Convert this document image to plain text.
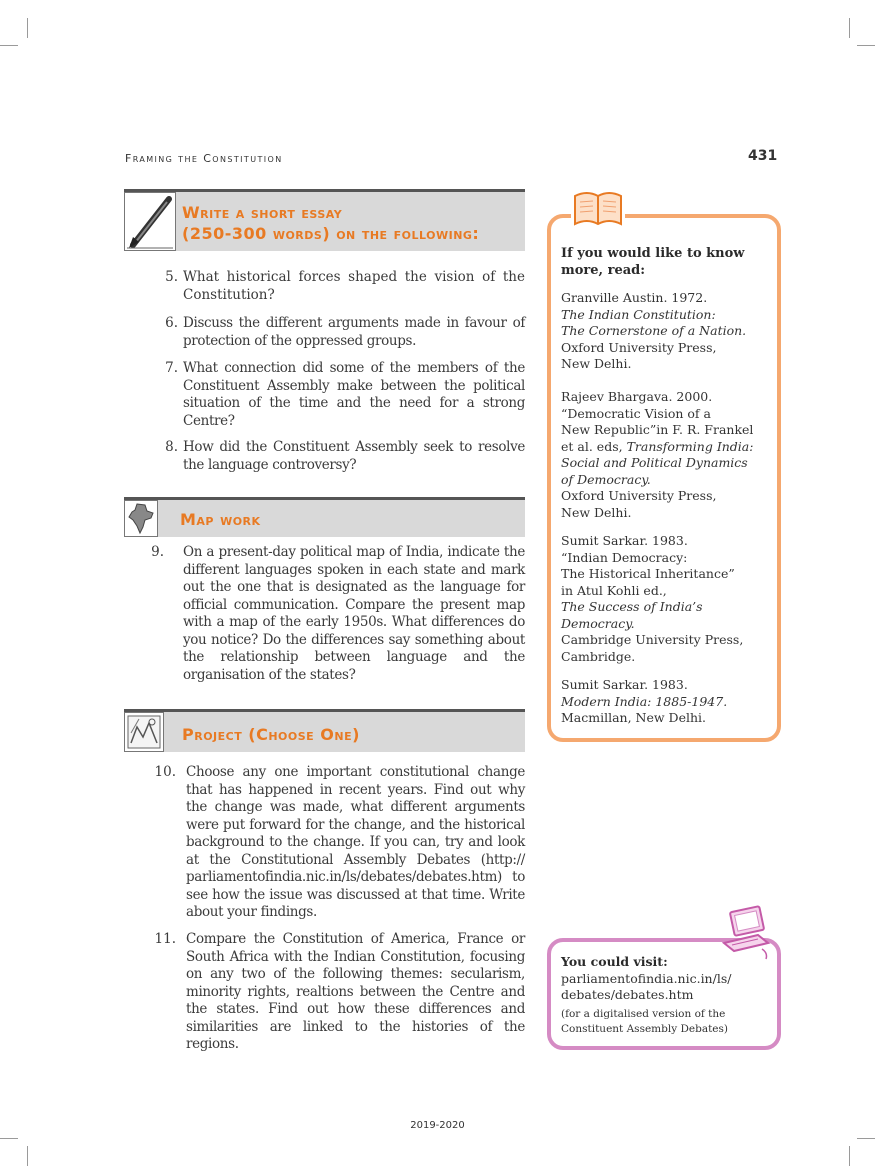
Framing the Constitution	431
Write a short essay
(250-300 words) on the following:
5. What historical forces shaped the vision of the Constitution?
6. Discuss the different arguments made in favour of protection of the oppressed groups.
7. What connection did some of the members of the Constituent Assembly make between the political situation of the time and the need for a strong Centre?
8. How did the Constituent Assembly seek to resolve the language controversy?
Map work
9. On a present-day political map of India, indicate the different languages spoken in each state and mark out the one that is designated as the language for official communication. Compare the present map with a map of the early 1950s. What differences do you notice? Do the differences say something about the relationship between language and the organisation of the states?
Project (Choose One)
10. Choose any one important constitutional change that has happened in recent years. Find out why the change was made, what different arguments were put forward for the change, and the historical background to the change. If you can, try and look at the Constitutional Assembly Debates (http:// parliamentofindia.nic.in/ls/debates/debates.htm) to see how the issue was discussed at that time. Write about your findings.
11. Compare the Constitution of America, France or South Africa with the Indian Constitution, focusing on any two of the following themes: secularism, minority rights, realtions between the Centre and the states. Find out how these differences and similarities are linked to the histories of the regions.
If you would like to know more, read:
Granville Austin. 1972.
The Indian Constitution:
The Cornerstone of a Nation.
Oxford University Press,
New Delhi.
Rajeev Bhargava. 2000.
“Democratic Vision of a
New Republic”in F. R. Frankel
et al. eds, Transforming India:
Social and Political Dynamics
of Democracy.
Oxford University Press,
New Delhi.
Sumit Sarkar. 1983.
“Indian Democracy:
The Historical Inheritance”
in Atul Kohli ed.,
The Success of India’s
Democracy.
Cambridge University Press,
Cambridge.
Sumit Sarkar. 1983.
Modern India: 1885-1947.
Macmillan, New Delhi.
You could visit:
parliamentofindia.nic.in/ls/
debates/debates.htm
(for a digitalised version of the
Constituent Assembly Debates)
2019-2020
